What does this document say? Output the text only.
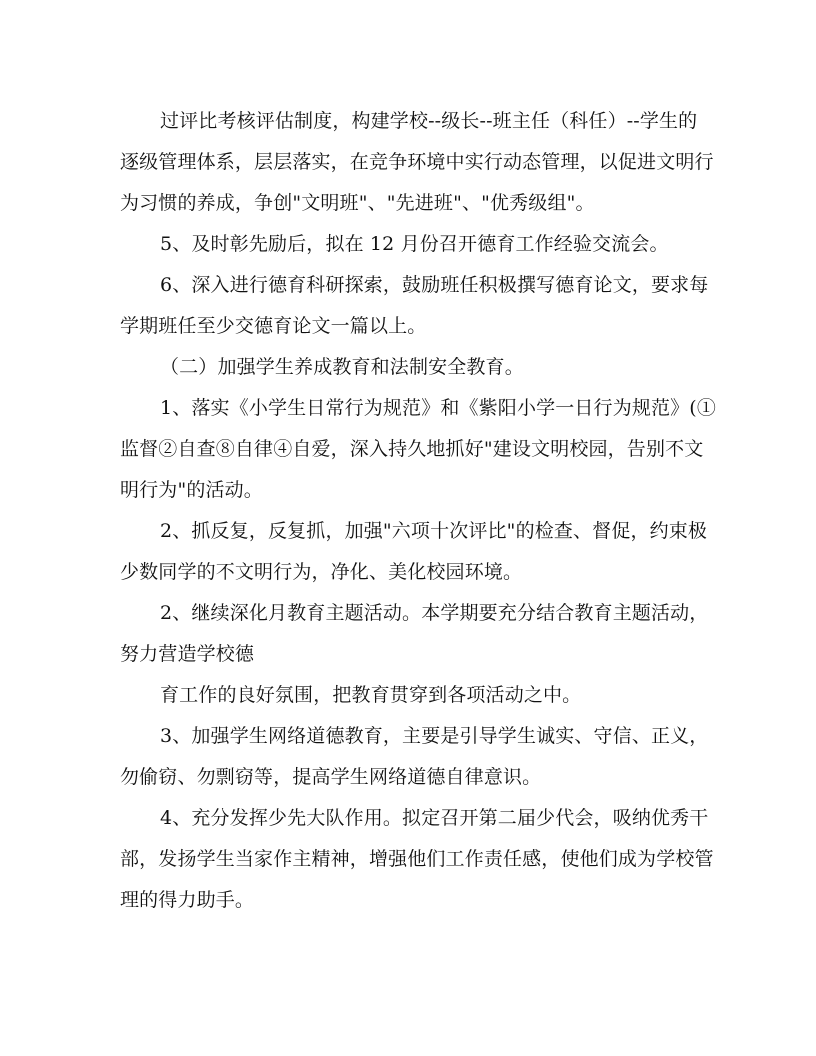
过评比考核评估制度，构建学校--级长--班主任（科任）--学生的
逐级管理体系，层层落实，在竞争环境中实行动态管理，以促进文明行
为习惯的养成，争创"文明班"、"先进班"、"优秀级组"。
5、及时彰先励后，拟在 12 月份召开德育工作经验交流会。
6、深入进行德育科研探索，鼓励班任积极撰写德育论文，要求每
学期班任至少交德育论文一篇以上。
（二）加强学生养成教育和法制安全教育。
1、落实《小学生日常行为规范》和《紫阳小学一日行为规范》(①
监督②自查⑧自律④自爱，深入持久地抓好"建设文明校园，告别不文
明行为"的活动。
2、抓反复，反复抓，加强"六项十次评比"的检查、督促，约束极
少数同学的不文明行为，净化、美化校园环境。
2、继续深化月教育主题活动。本学期要充分结合教育主题活动，
努力营造学校德
育工作的良好氛围，把教育贯穿到各项活动之中。
3、加强学生网络道德教育，主要是引导学生诚实、守信、正义，
勿偷窃、勿剽窃等，提高学生网络道德自律意识。
4、充分发挥少先大队作用。拟定召开第二届少代会，吸纳优秀干
部，发扬学生当家作主精神，增强他们工作责任感，使他们成为学校管
理的得力助手。
